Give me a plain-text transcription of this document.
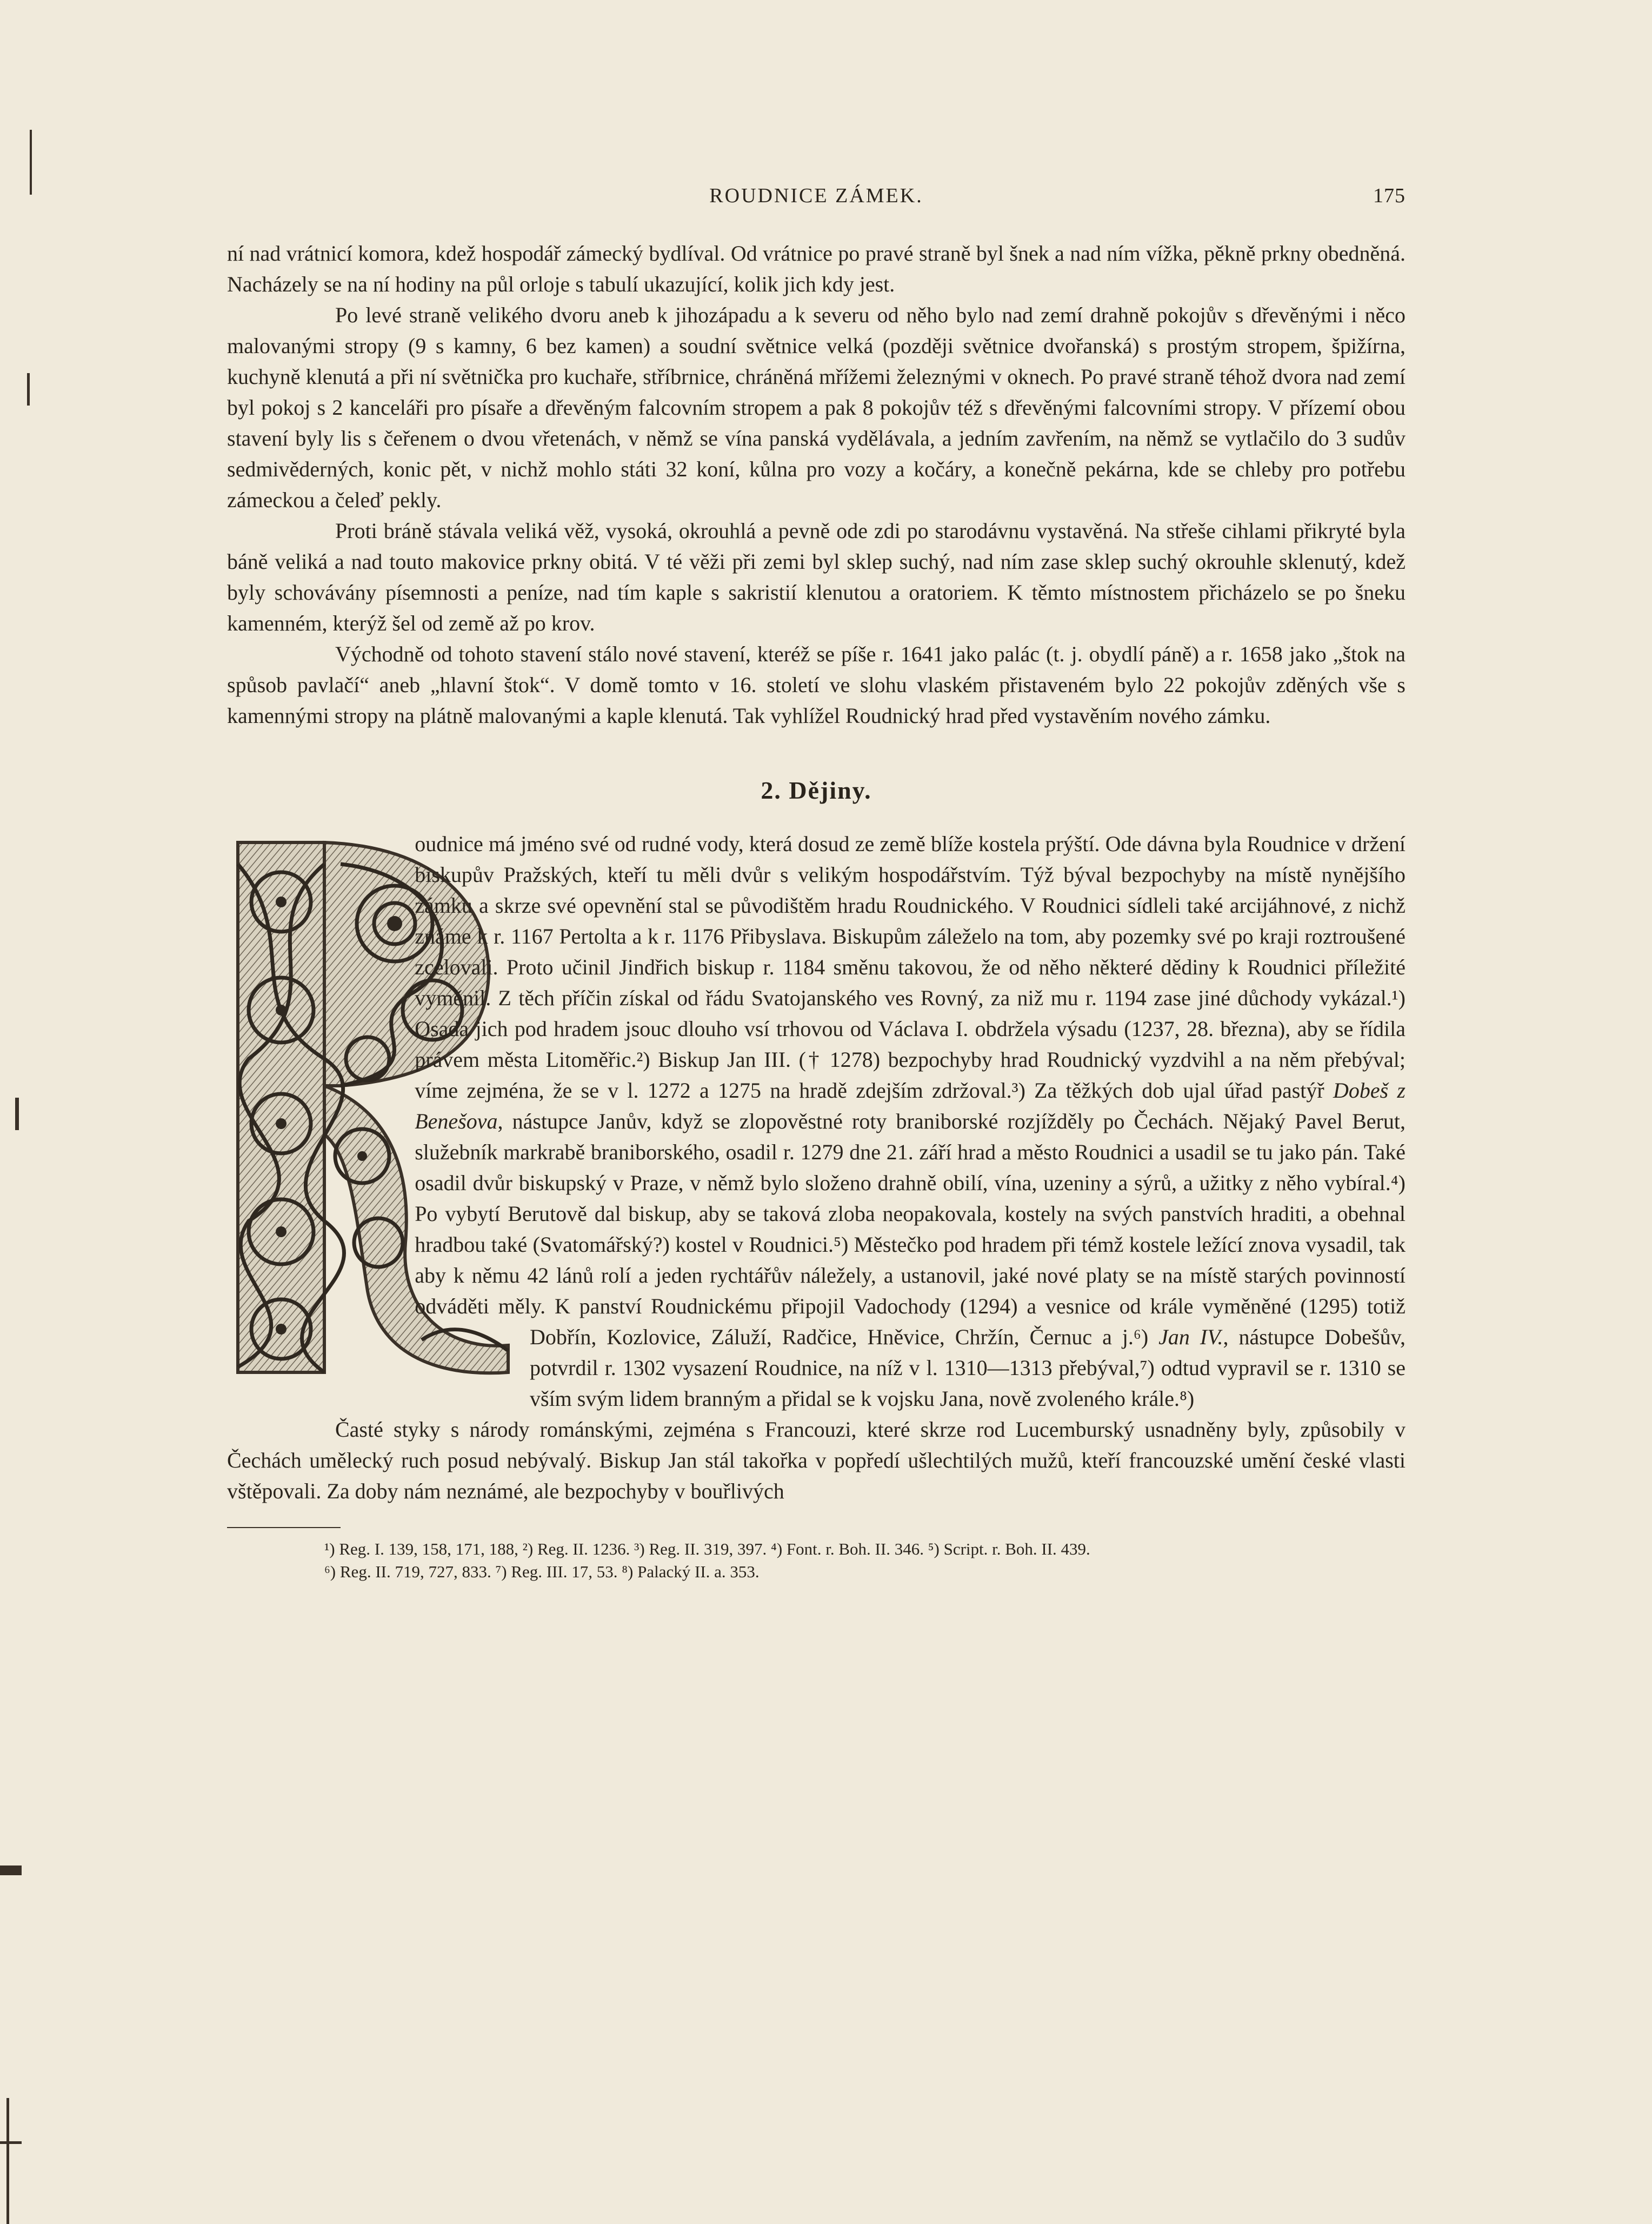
ROUDNICE ZÁMEK.	175

ní nad vrátnicí komora, kdež hospodář zámecký bydlíval. Od vrátnice po pravé straně byl šnek a nad ním vížka, pěkně prkny obedněná. Nacházely se na ní hodiny na půl orloje s tabulí ukazující, kolik jich kdy jest.

Po levé straně velikého dvoru aneb k jihozápadu a k severu od něho bylo nad zemí drahně pokojův s dřevěnými i něco malovanými stropy (9 s kamny, 6 bez kamen) a soudní světnice velká (později světnice dvořanská) s prostým stropem, špižírna, kuchyně klenutá a při ní světnička pro kuchaře, stříbrnice, chráněná mřížemi železnými v oknech. Po pravé straně téhož dvora nad zemí byl pokoj s 2 kanceláři pro písaře a dřevěným falcovním stropem a pak 8 pokojův též s dřevěnými falcovními stropy. V přízemí obou stavení byly lis s čeřenem o dvou vřetenách, v němž se vína panská vydělávala, a jedním zavřením, na němž se vytlačilo do 3 sudův sedmivěderných, konic pět, v nichž mohlo státi 32 koní, kůlna pro vozy a kočáry, a konečně pekárna, kde se chleby pro potřebu zámeckou a čeleď pekly.

Proti bráně stávala veliká věž, vysoká, okrouhlá a pevně ode zdi po starodávnu vystavěná. Na střeše cihlami přikryté byla báně veliká a nad touto makovice prkny obitá. V té věži při zemi byl sklep suchý, nad ním zase sklep suchý okrouhle sklenutý, kdež byly schovávány písemnosti a peníze, nad tím kaple s sakristií klenutou a oratoriem. K těmto místnostem přicházelo se po šneku kamenném, kterýž šel od země až po krov.

Východně od tohoto stavení stálo nové stavení, kteréž se píše r. 1641 jako palác (t. j. obydlí páně) a r. 1658 jako „štok na spůsob pavlačí“ aneb „hlavní štok“. V domě tomto v 16. století ve slohu vlaském přistaveném bylo 22 pokojův zděných vše s kamennými stropy na plátně malovanými a kaple klenutá. Tak vyhlížel Roudnický hrad před vystavěním nového zámku.

2. Dějiny.

oudnice má jméno své od rudné vody, která dosud ze země blíže kostela prýští. Ode dávna byla Roudnice v držení biskupův Pražských, kteří tu měli dvůr s velikým hospodářstvím. Týž býval bezpochyby na místě nynějšího zámku a skrze své opevnění stal se původištěm hradu Roudnického. V Roudnici sídleli také arcijáhnové, z nichž známe k r. 1167 Pertolta a k r. 1176 Přibyslava. Biskupům záleželo na tom, aby pozemky své po kraji roztroušené zcelovali. Proto učinil Jindřich biskup r. 1184 směnu takovou, že od něho některé dědiny k Roudnici příležité vyměnil. Z těch příčin získal od řádu Svatojanského ves Rovný, za niž mu r. 1194 zase jiné důchody vykázal.¹) Osada jich pod hradem jsouc dlouho vsí trhovou od Václava I. obdržela výsadu (1237, 28. března), aby se řídila právem města Litoměřic.²) Biskup Jan III. († 1278) bezpochyby hrad Roudnický vyzdvihl a na něm přebýval; víme zejména, že se v l. 1272 a 1275 na hradě zdejším zdržoval.³) Za těžkých dob ujal úřad pastýř Dobeš z Benešova, nástupce Janův, když se zlopověstné roty braniborské rozjížděly po Čechách. Nějaký Pavel Berut, služebník markrabě braniborského, osadil r. 1279 dne 21. září hrad a město Roudnici a usadil se tu jako pán. Také osadil dvůr biskupský v Praze, v němž bylo složeno drahně obilí, vína, uzeniny a sýrů, a užitky z něho vybíral.⁴) Po vybytí Berutově dal biskup, aby se taková zloba neopakovala, kostely na svých panstvích hraditi, a obehnal hradbou také (Svatomářský?) kostel v Roudnici.⁵) Městečko pod hradem při témž kostele ležící znova vysadil, tak aby k němu 42 lánů rolí a jeden rychtářův náležely, a ustanovil, jaké nové platy se na místě starých povinností odváděti měly. K panství Roudnickému připojil Vadochody (1294) a vesnice od krále vyměněné (1295) totiž Dobřín, Kozlovice, Záluží, Radčice, Hněvice, Chržín, Černuc a j.⁶) Jan IV., nástupce Dobešův, potvrdil r. 1302 vysazení Roudnice, na níž v l. 1310—1313 přebýval,⁷) odtud vypravil se r. 1310 se vším svým lidem branným a přidal se k vojsku Jana, nově zvoleného krále.⁸)

Časté styky s národy románskými, zejména s Francouzi, které skrze rod Lucemburský usnadněny byly, způsobily v Čechách umělecký ruch posud nebývalý. Biskup Jan stál takořka v popředí ušlechtilých mužů, kteří francouzské umění české vlasti vštěpovali. Za doby nám neznámé, ale bezpochyby v bouřlivých

¹) Reg. I. 139, 158, 171, 188, ²) Reg. II. 1236. ³) Reg. II. 319, 397. ⁴) Font. r. Boh. II. 346. ⁵) Script. r. Boh. II. 439.

⁶) Reg. II. 719, 727, 833. ⁷) Reg. III. 17, 53. ⁸) Palacký II. a. 353.
